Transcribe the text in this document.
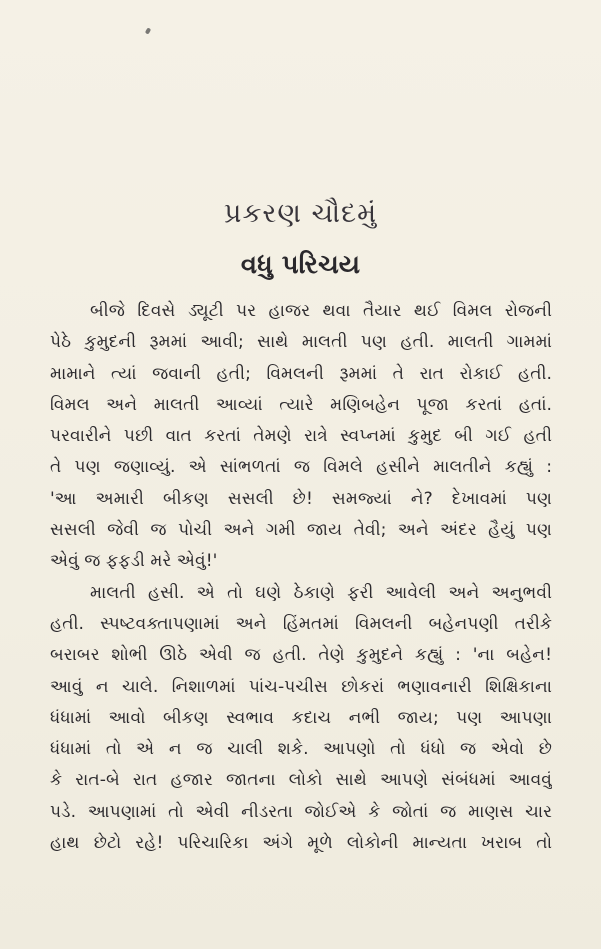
પ્રકરણ ચૌદમું
વધુ પરિચય
બીજે દિવસે ડ્યૂટી પર હાજર થવા તૈયાર થઈ વિમલ રોજની
પેઠે કુમુદની રૂમમાં આવી; સાથે માલતી પણ હતી. માલતી ગામમાં
મામાને ત્યાં જવાની હતી; વિમલની રૂમમાં તે રાત રોકાઈ હતી.
વિમલ અને માલતી આવ્યાં ત્યારે મણિબહેન પૂજા કરતાં હતાં.
પરવારીને પછી વાત કરતાં તેમણે રાત્રે સ્વપ્નમાં કુમુદ બી ગઈ હતી
તે પણ જણાવ્યું. એ સાંભળતાં જ વિમલે હસીને માલતીને કહ્યું :
'આ અમારી બીકણ સસલી છે! સમજ્યાં ને? દેખાવમાં પણ
સસલી જેવી જ પોચી અને ગમી જાય તેવી; અને અંદર હૈયું પણ
એવું જ ફફડી મરે એવું!'
માલતી હસી. એ તો ઘણે ઠેકાણે ફરી આવેલી અને અનુભવી
હતી. સ્પષ્ટવક્તાપણામાં અને હિંમતમાં વિમલની બહેનપણી તરીકે
બરાબર શોભી ઊઠે એવી જ હતી. તેણે કુમુદને કહ્યું : 'ના બહેન!
આવું ન ચાલે. નિશાળમાં પાંચ-પચીસ છોકરાં ભણાવનારી શિક્ષિકાના
ધંધામાં આવો બીકણ સ્વભાવ કદાચ નભી જાય; પણ આપણા
ધંધામાં તો એ ન જ ચાલી શકે. આપણો તો ધંધો જ એવો છે
કે રાત-બે રાત હજાર જાતના લોકો સાથે આપણે સંબંધમાં આવવું
પડે. આપણામાં તો એવી નીડરતા જોઈએ કે જોતાં જ માણસ ચાર
હાથ છેટો રહે! પરિચારિકા અંગે મૂળે લોકોની માન્યતા ખરાબ તો
